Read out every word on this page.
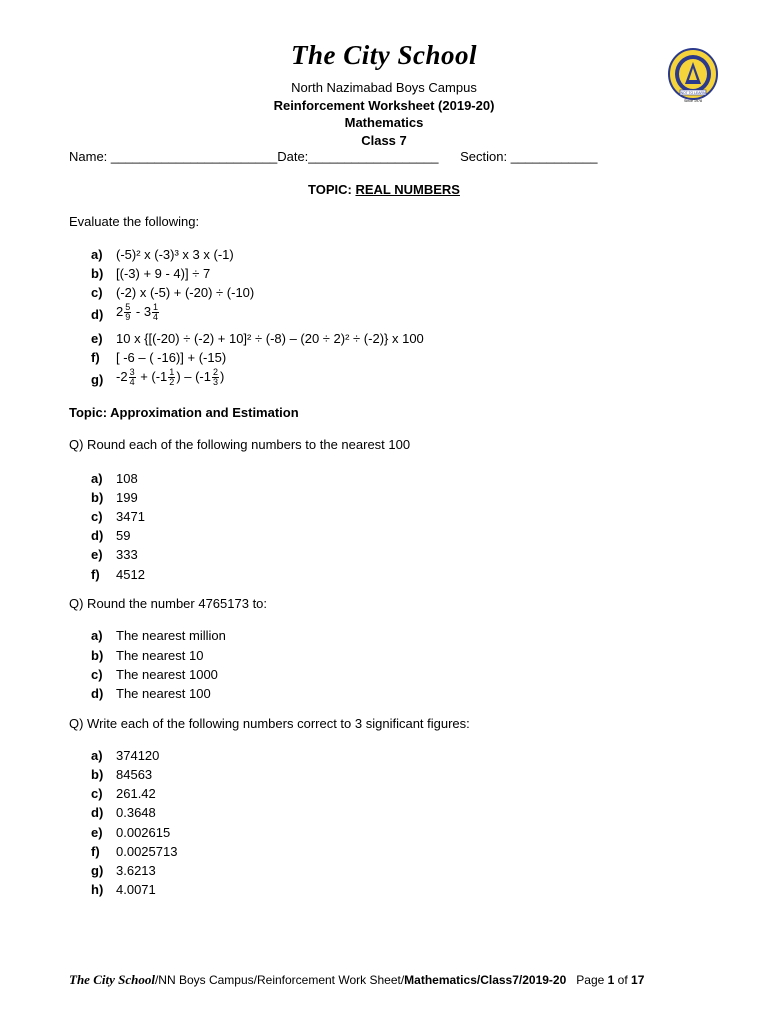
The City School
North Nazimabad Boys Campus
Reinforcement Worksheet (2019-20)
Mathematics
Class 7
NOT TO LEARN
Since 1978
Name: _______________________Date:__________________ Section: ____________
TOPIC: REAL NUMBERS
Evaluate the following:
a)	(-5)² x (-3)³ x 3 x (-1)
b) [(-3) + 9 - 4)] ÷ 7
c)	(-2) x (-5) + (-20) ÷ (-10)
d) $2 \frac{5}{9} - 3 \frac{1}{4}$
e)	10 x {[(-20) ÷ (-2) + 10]² ÷ (-8) – (20 ÷ 2)² ÷ (-2)} x 100
f)	[ -6 – ( -16)] + (-15)
g) $-2 \frac{3}{4} + (-1 \frac{1}{2}$ ) – ($-1 \frac{2}{3}$ )
Topic: Approximation and Estimation
Q) Round each of the following numbers to the nearest 100
a)	108
b) 199
c)	3471
d) 59
e)	333
f)	4512
Q) Round the number 4765173 to:
a)	The nearest million
b) The nearest 10
c)	The nearest 1000
d) The nearest 100
Q) Write each of the following numbers correct to 3 significant figures:
a)	374120
b) 84563
c)	261.42
d) 0.3648
e)	0.002615
f)	0.0025713
g) 3.6213
h) 4.0071
The City School/NN Boys Campus/Reinforcement Work Sheet/Mathematics/Class7/2019-20 Page 1 of 17
